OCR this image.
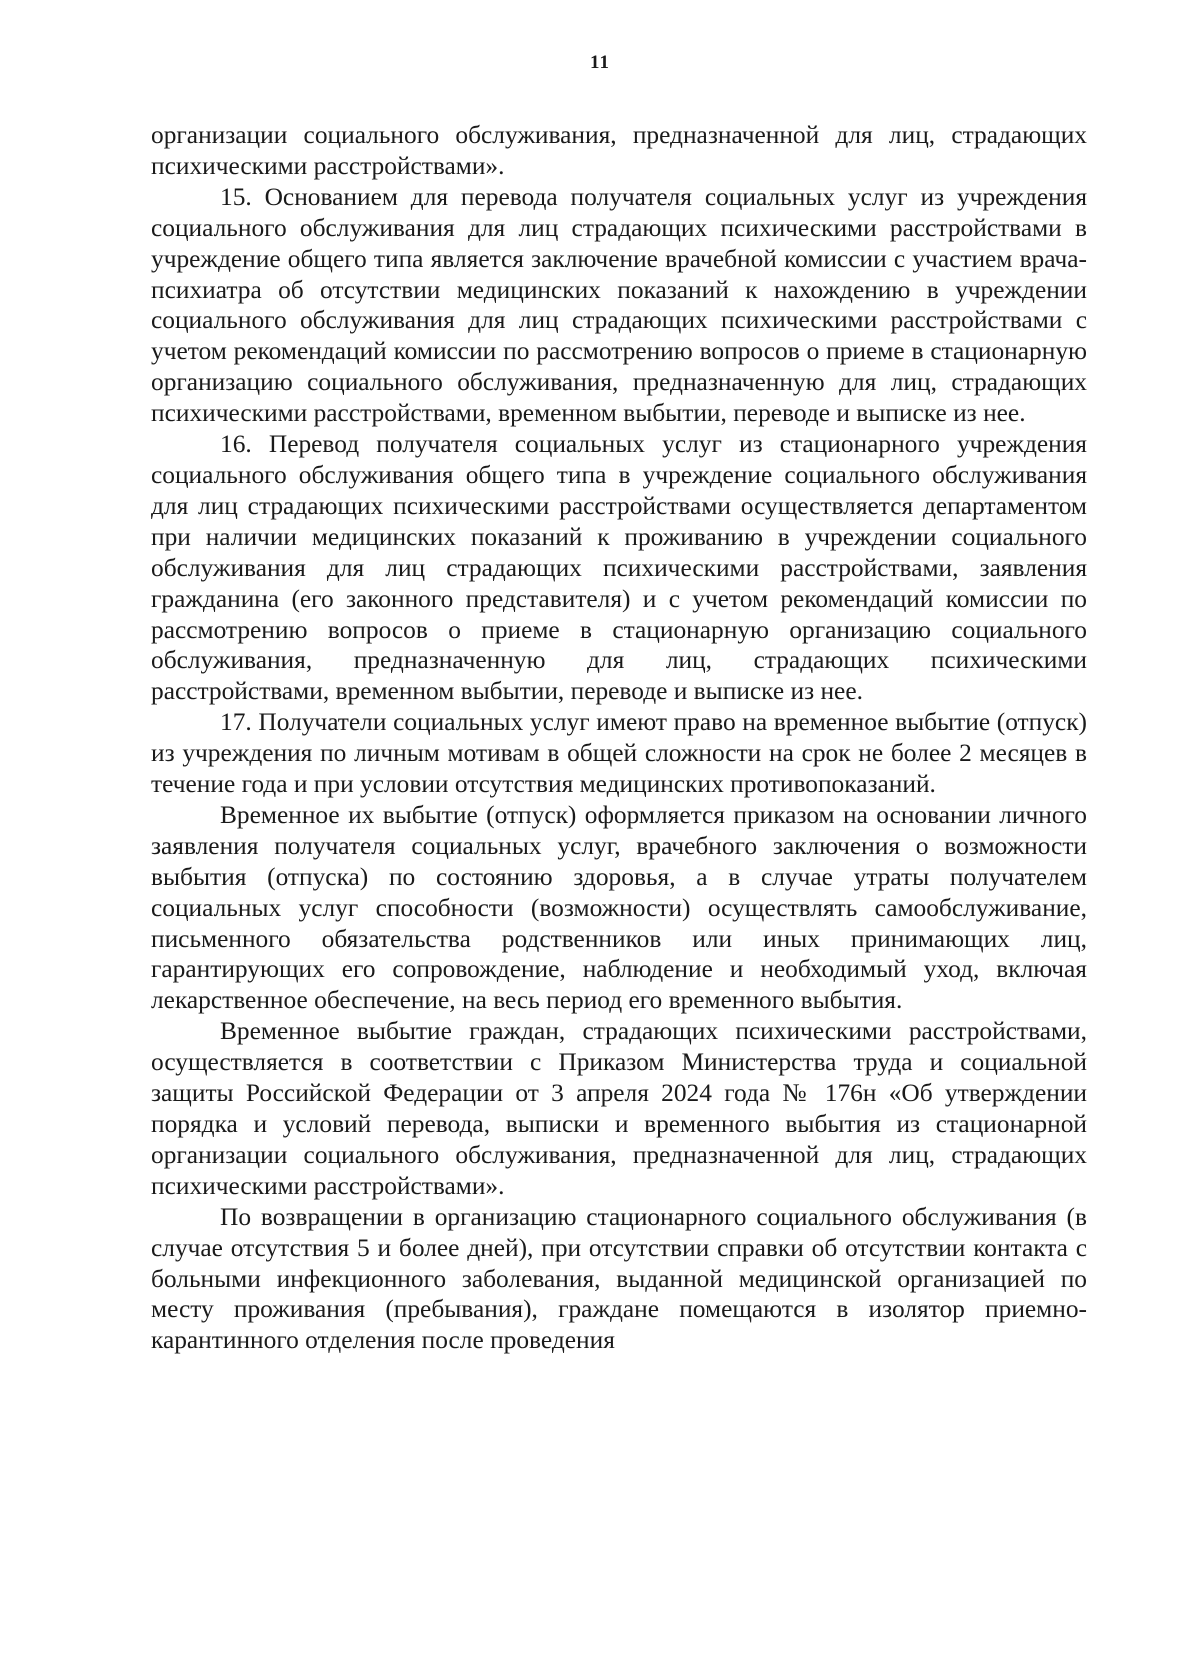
11

организации социального обслуживания, предназначенной для лиц, страдающих психическими расстройствами».

15. Основанием для перевода получателя социальных услуг из учреждения социального обслуживания для лиц страдающих психическими расстройствами в учреждение общего типа является заключение врачебной комиссии с участием врача-психиатра об отсутствии медицинских показаний к нахождению в учреждении социального обслуживания для лиц страдающих психическими расстройствами с учетом рекомендаций комиссии по рассмотрению вопросов о приеме в стационарную организацию социального обслуживания, предназначенную для лиц, страдающих психическими расстройствами, временном выбытии, переводе и выписке из нее.

16. Перевод получателя социальных услуг из стационарного учреждения социального обслуживания общего типа в учреждение социального обслуживания для лиц страдающих психическими расстройствами осуществляется департаментом при наличии медицинских показаний к проживанию в учреждении социального обслуживания для лиц страдающих психическими расстройствами, заявления гражданина (его законного представителя) и с учетом рекомендаций комиссии по рассмотрению вопросов о приеме в стационарную организацию социального обслуживания, предназначенную для лиц, страдающих психическими расстройствами, временном выбытии, переводе и выписке из нее.

17. Получатели социальных услуг имеют право на временное выбытие (отпуск) из учреждения по личным мотивам в общей сложности на срок не более 2 месяцев в течение года и при условии отсутствия медицинских противопоказаний.

Временное их выбытие (отпуск) оформляется приказом на основании личного заявления получателя социальных услуг, врачебного заключения о возможности выбытия (отпуска) по состоянию здоровья, а в случае утраты получателем социальных услуг способности (возможности) осуществлять самообслуживание, письменного обязательства родственников или иных принимающих лиц, гарантирующих его сопровождение, наблюдение и необходимый уход, включая лекарственное обеспечение, на весь период его временного выбытия.

Временное выбытие граждан, страдающих психическими расстройствами, осуществляется в соответствии с Приказом Министерства труда и социальной защиты Российской Федерации от 3 апреля 2024 года № 176н «Об утверждении порядка и условий перевода, выписки и временного выбытия из стационарной организации социального обслуживания, предназначенной для лиц, страдающих психическими расстройствами».

По возвращении в организацию стационарного социального обслуживания (в случае отсутствия 5 и более дней), при отсутствии справки об отсутствии контакта с больными инфекционного заболевания, выданной медицинской организацией по месту проживания (пребывания), граждане помещаются в изолятор приемно-карантинного отделения после проведения
